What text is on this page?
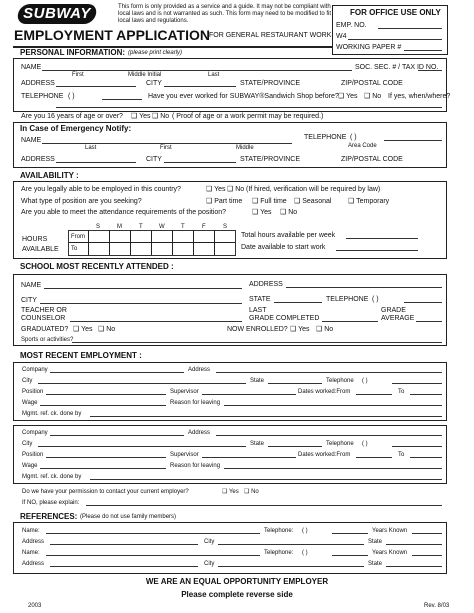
SUBWAY	This form is only provided as a service and a guide. It may not be compliant with
local laws and is not warranted as such. This form may need to be modified to fit
local laws and regulations.
EMPLOYMENT APPLICATION FOR GENERAL RESTAURANT WORK
FOR OFFICE USE ONLY
EMP. NO.
W4
WORKING PAPER #
PERSONAL INFORMATION: (please print clearly)
NAME	SOC. SEC. # / TAX ID NO.
First	Middle Initial	Last
ADDRESS	CITY	STATE/PROVINCE	ZIP/POSTAL CODE
TELEPHONE ( )	Have you ever worked for SUBWAY®Sandwich Shop before? ❑ Yes ❑ No If yes, when/where?
Are you 16 years of age or over? ❑ Yes ❑ No ( Proof of age or a work permit may be required.)
In Case of Emergency Notify:
NAME	TELEPHONE ( )
Last	First	Middle	Area Code
ADDRESS	CITY	STATE/PROVINCE	ZIP/POSTAL CODE
AVAILABILITY :
Are you legally able to be employed in this country?	❑ Yes ❑ No (If hired, verification will be required by law)
What type of position are you seeking?	❑ Part time ❑ Full time ❑ Seasonal ❑ Temporary
Are you able to meet the attendance requirements of the position?	❑ Yes ❑ No
S	M	T	W	T	F	S
HOURS
AVAILABLE
From
To
Total hours available per week
Date available to start work
SCHOOL MOST RECENTLY ATTENDED :
NAME	ADDRESS
CITY	STATE	TELEPHONE ( )
TEACHER OR
COUNSELOR
LAST
GRADE COMPLETED
GRADE
AVERAGE
GRADUATED? ❑ Yes ❑ No	NOW ENROLLED? ❑ Yes ❑ No
Sports or activities?
MOST RECENT EMPLOYMENT :
Company	Address
City	State	Telephone ( )
Position	Supervisor	Dates worked:From	To
Wage	Reason for leaving
Mgmt. ref. ck. done by
Company	Address
City	State	Telephone ( )
Position	Supervisor	Dates worked:From	To
Wage	Reason for leaving
Mgmt. ref. ck. done by
Do we have your permission to contact your current employer?	❑ Yes ❑ No
If NO, please explain:
REFERENCES: (Please do not use family members)
Name:	Telephone: ( )	Years Known
Address	City	State
Name:	Telephone: ( )	Years Known
Address	City	State
WE ARE AN EQUAL OPPORTUNITY EMPLOYER
Please complete reverse side
2003	Rev. 8/03
